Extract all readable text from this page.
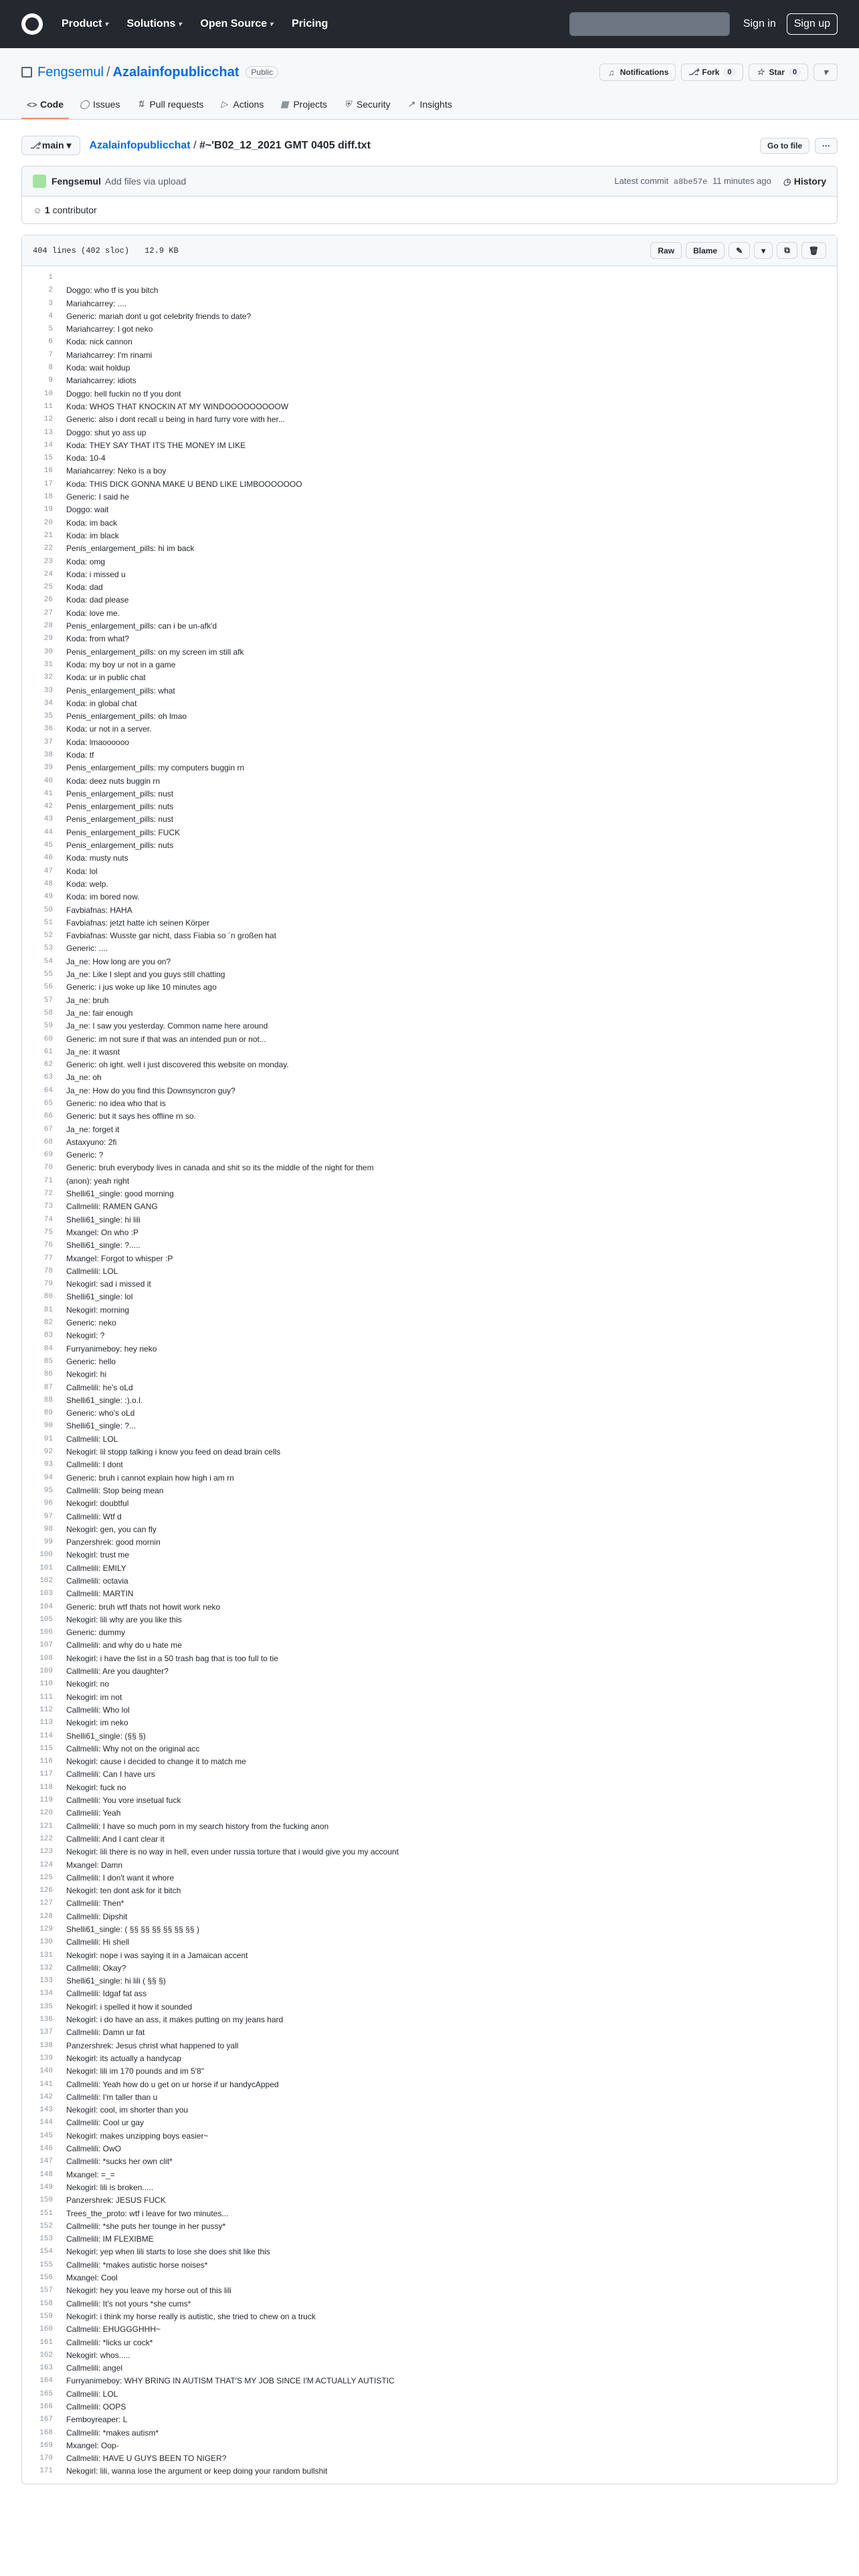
Product ▾ Solutions ▾ Open Source ▾ Pricing	Sign in	Sign up
Fengsemul / Azalainfopublicchat	Public	♫ Notifications ⎇ Fork	0	☆ Star	0	▾
<> Code ◯ Issues ⇅ Pull requests ▷ Actions ▦ Projects ⛨ Security ↗ Insights
⎇ main ▾	Azalainfopublicchat / #~'B02_12_2021 GMT 0405 diff.txt	Go to file	···
Fengsemul Add files via upload	Latest commit a8be57e 11 minutes ago ◷ History
☺ 1 contributor
404 lines (402 sloc) 12.9 KB	Raw	Blame	✎	▾	⧉	🗑
1
2	Doggo: who tf is you bitch
3	Mariahcarrey: ....
4	Generic: mariah dont u got celebrity friends to date?
5	Mariahcarrey: I got neko
6	Koda: nick cannon
7	Mariahcarrey: I'm rinami
8	Koda: wait holdup
9	Mariahcarrey: idiots
10	Doggo: hell fuckin no tf you dont
11	Koda: WHOS THAT KNOCKIN AT MY WINDOOOOOOOOOW
12	Generic: also i dont recall u being in hard furry vore with her...
13	Doggo: shut yo ass up
14	Koda: THEY SAY THAT ITS THE MONEY IM LIKE
15	Koda: 10-4
16	Mariahcarrey: Neko is a boy
17	Koda: THIS DICK GONNA MAKE U BEND LIKE LIMBOOOOOOO
18	Generic: I said he
19	Doggo: wait
20	Koda: im back
21	Koda: im black
22	Penis_enlargement_pills: hi im back
23	Koda: omg
24	Koda: i missed u
25	Koda: dad
26	Koda: dad please
27	Koda: love me.
28	Penis_enlargement_pills: can i be un-afk'd
29	Koda: from what?
30	Penis_enlargement_pills: on my screen im still afk
31	Koda: my boy ur not in a game
32	Koda: ur in public chat
33	Penis_enlargement_pills: what
34	Koda: in global chat
35	Penis_enlargement_pills: oh lmao
36	Koda: ur not in a server.
37	Koda: lmaoooooo
38	Koda: tf
39	Penis_enlargement_pills: my computers buggin rn
40	Koda: deez nuts buggin rn
41	Penis_enlargement_pills: nust
42	Penis_enlargement_pills: nuts
43	Penis_enlargement_pills: nust
44	Penis_enlargement_pills: FUCK
45	Penis_enlargement_pills: nuts
46	Koda: musty nuts
47	Koda: lol
48	Koda: welp.
49	Koda: im bored now.
50	Favbiafnas: HAHA
51	Favbiafnas: jetzt hatte ich seinen Körper
52	Favbiafnas: Wusste gar nicht, dass Fiabia so ´n großen hat
53	Generic: ....
54	Ja_ne: How long are you on?
55	Ja_ne: Like I slept and you guys still chatting
56	Generic: i jus woke up like 10 minutes ago
57	Ja_ne: bruh
58	Ja_ne: fair enough
59	Ja_ne: I saw you yesterday. Common name here around
60	Generic: im not sure if that was an intended pun or not...
61	Ja_ne: it wasnt
62	Generic: oh ight. well i just discovered this website on monday.
63	Ja_ne: oh
64	Ja_ne: How do you find this Downsyncron guy?
65	Generic: no idea who that is
66	Generic: but it says hes offline rn so.
67	Ja_ne: forget it
68	Astaxyuno: 2fi
69	Generic: ?
70	Generic: bruh everybody lives in canada and shit so its the middle of the night for them
71	(anon): yeah right
72	Shelli61_single: good morning
73	Callmelili: RAMEN GANG
74	Shelli61_single: hi lili
75	Mxangel: On who :P
76	Shelli61_single: ?.....
77	Mxangel: Forgot to whisper :P
78	Callmelili: LOL
79	Nekogirl: sad i missed it
80	Shelli61_single: lol
81	Nekogirl: morning
82	Generic: neko
83	Nekogirl: ?
84	Furryanimeboy: hey neko
85	Generic: hello
86	Nekogirl: hi
87	Callmelili: he's oLd
88	Shelli61_single: :).o.l.
89	Generic: who's oLd
90	Shelli61_single: ?...
91	Callmelili: LOL
92	Nekogirl: lil stopp talking i know you feed on dead brain cells
93	Callmelili: I dont
94	Generic: bruh i cannot explain how high i am rn
95	Callmelili: Stop being mean
96	Nekogirl: doubtful
97	Callmelili: Wtf d
98	Nekogirl: gen, you can fly
99	Panzershrek: good mornin
100	Nekogirl: trust me
101	Callmelili: EMILY
102	Callmelili: octavia
103	Callmelili: MARTIN
104	Generic: bruh wtf thats not howit work neko
105	Nekogirl: lili why are you like this
106	Generic: dummy
107	Callmelili: and why do u hate me
108	Nekogirl: i have the list in a 50 trash bag that is too full to tie
109	Callmelili: Are you daughter?
110	Nekogirl: no
111	Nekogirl: im not
112	Callmelili: Who lol
113	Nekogirl: im neko
114	Shelli61_single: (§§ §)
115	Callmelili: Why not on the original acc
116	Nekogirl: cause i decided to change it to match me
117	Callmelili: Can I have urs
118	Nekogirl: fuck no
119	Callmelili: You vore insetual fuck
120	Callmelili: Yeah
121	Callmelili: I have so much porn in my search history from the fucking anon
122	Callmelili: And I cant clear it
123	Nekogirl: lili there is no way in hell, even under russia torture that i would give you my account
124	Mxangel: Damn
125	Callmelili: I don't want it whore
126	Nekogirl: ten dont ask for it bitch
127	Callmelili: Then*
128	Callmelili: Dipshit
129	Shelli61_single: ( §§ §§ §§ §§ §§ §§ )
130	Callmelili: Hi shell
131	Nekogirl: nope i was saying it in a Jamaican accent
132	Callmelili: Okay?
133	Shelli61_single: hi lili ( §§ §)
134	Callmelili: Idgaf fat ass
135	Nekogirl: i spelled it how it sounded
136	Nekogirl: i do have an ass, it makes putting on my jeans hard
137	Callmelili: Damn ur fat
138	Panzershrek: Jesus christ what happened to yall
139	Nekogirl: its actually a handycap
140	Nekogirl: lili im 170 pounds and im 5'8"
141	Callmelili: Yeah how do u get on ur horse if ur handycApped
142	Callmelili: I'm taller than u
143	Nekogirl: cool, im shorter than you
144	Callmelili: Cool ur gay
145	Nekogirl: makes unzipping boys easier~
146	Callmelili: OwO
147	Callmelili: *sucks her own clit*
148	Mxangel: =_=
149	Nekogirl: lili is broken.....
150	Panzershrek: JESUS FUCK
151	Trees_the_proto: wtf i leave for two minutes...
152	Callmelili: *she puts her tounge in her pussy*
153	Callmelili: IM FLEXIBME
154	Nekogirl: yep when lili starts to lose she does shit like this
155	Callmelili: *makes autistic horse noises*
156	Mxangel: Cool
157	Nekogirl: hey you leave my horse out of this lili
158	Callmelili: It's not yours *she cums*
159	Nekogirl: i think my horse really is autistic, she tried to chew on a truck
160	Callmelili: EHUGGGHHH~
161	Callmelili: *licks ur cock*
162	Nekogirl: whos.....
163	Callmelili: angel
164	Furryanimeboy: WHY BRING IN AUTISM THAT'S MY JOB SINCE I'M ACTUALLY AUTISTIC
165	Callmelili: LOL
166	Callmelili: OOPS
167	Femboyreaper: L
168	Callmelili: *makes autism*
169	Mxangel: Oop-
170	Callmelili: HAVE U GUYS BEEN TO NIGER?
171	Nekogirl: lili, wanna lose the argument or keep doing your random bullshit
